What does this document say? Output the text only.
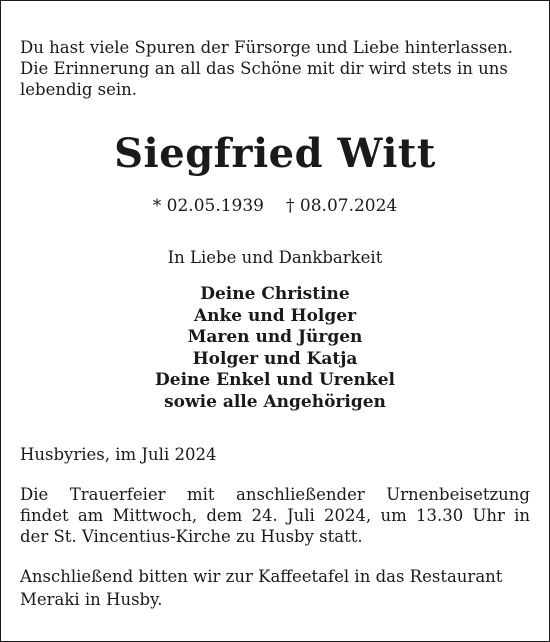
Du hast viele Spuren der Fürsorge und Liebe hinterlassen.
Die Erinnerung an all das Schöne mit dir wird stets in uns
lebendig sein.
Siegfried Witt
* 02.05.1939 † 08.07.2024
In Liebe und Dankbarkeit
Deine Christine
Anke und Holger
Maren und Jürgen
Holger und Katja
Deine Enkel und Urenkel
sowie alle Angehörigen
Husbyries, im Juli 2024
Die Trauerfeier mit anschließender Urnenbeisetzung
findet am Mittwoch, dem 24. Juli 2024, um 13.30 Uhr in
der St. Vincentius-Kirche zu Husby statt.
Anschließend bitten wir zur Kaffeetafel in das Restaurant
Meraki in Husby.
